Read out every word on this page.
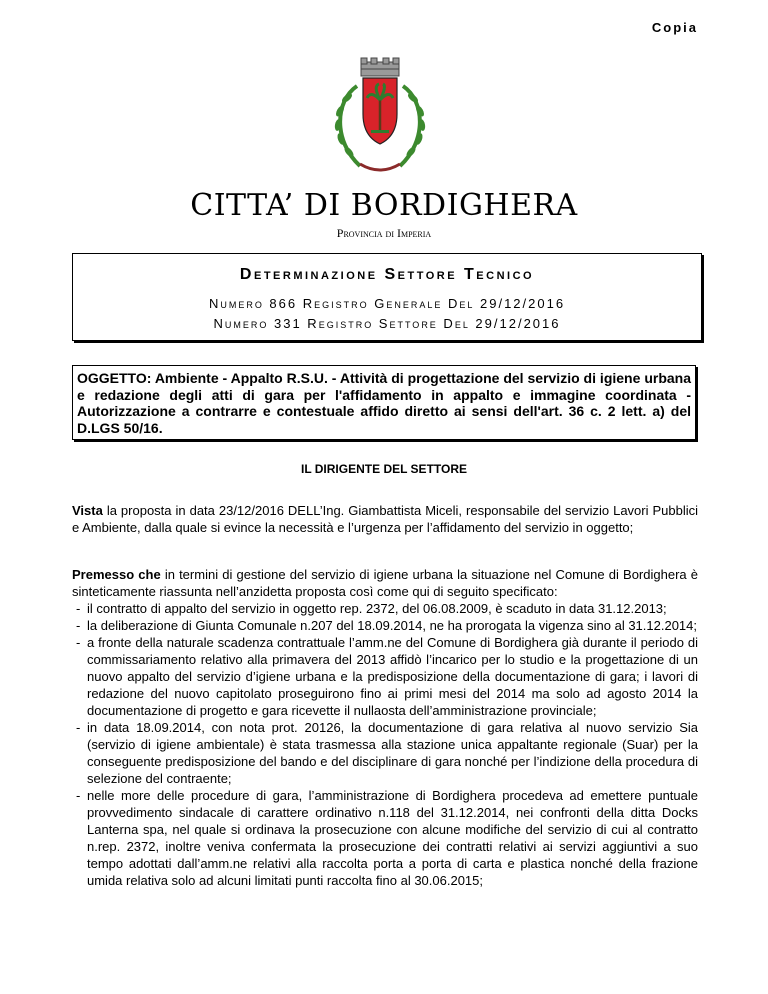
Copia
CITTA’ DI BORDIGHERA
Provincia di Imperia
Determinazione Settore Tecnico
Numero 866 Registro Generale Del 29/12/2016
Numero 331 Registro Settore Del 29/12/2016
OGGETTO: Ambiente - Appalto R.S.U. - Attività di progettazione del servizio di igiene urbana e redazione degli atti di gara per l'affidamento in appalto e immagine coordinata - Autorizzazione a contrarre e contestuale affido diretto ai sensi dell'art. 36 c. 2 lett. a) del D.LGS 50/16.
IL DIRIGENTE DEL SETTORE
Vista la proposta in data 23/12/2016 DELL’Ing. Giambattista Miceli, responsabile del servizio Lavori Pubblici e Ambiente, dalla quale si evince la necessità e l’urgenza per l’affidamento del servizio in oggetto;
Premesso che in termini di gestione del servizio di igiene urbana la situazione nel Comune di Bordighera è sinteticamente riassunta nell’anzidetta proposta così come qui di seguito specificato:
- il contratto di appalto del servizio in oggetto rep. 2372, del 06.08.2009, è scaduto in data 31.12.2013;
- la deliberazione di Giunta Comunale n.207 del 18.09.2014, ne ha prorogata la vigenza sino al 31.12.2014;
- a fronte della naturale scadenza contrattuale l’amm.ne del Comune di Bordighera già durante il periodo di commissariamento relativo alla primavera del 2013 affidò l’incarico per lo studio e la progettazione di un nuovo appalto del servizio d’igiene urbana e la predisposizione della documentazione di gara; i lavori di redazione del nuovo capitolato proseguirono fino ai primi mesi del 2014 ma solo ad agosto 2014 la documentazione di progetto e gara ricevette il nullaosta dell’amministrazione provinciale;
- in data 18.09.2014, con nota prot. 20126, la documentazione di gara relativa al nuovo servizio Sia (servizio di igiene ambientale) è stata trasmessa alla stazione unica appaltante regionale (Suar) per la conseguente predisposizione del bando e del disciplinare di gara nonché per l’indizione della procedura di selezione del contraente;
- nelle more delle procedure di gara, l’amministrazione di Bordighera procedeva ad emettere puntuale provvedimento sindacale di carattere ordinativo n.118 del 31.12.2014, nei confronti della ditta Docks Lanterna spa, nel quale si ordinava la prosecuzione con alcune modifiche del servizio di cui al contratto n.rep. 2372, inoltre veniva confermata la prosecuzione dei contratti relativi ai servizi aggiuntivi a suo tempo adottati dall’amm.ne relativi alla raccolta porta a porta di carta e plastica nonché della frazione umida relativa solo ad alcuni limitati punti raccolta fino al 30.06.2015;
